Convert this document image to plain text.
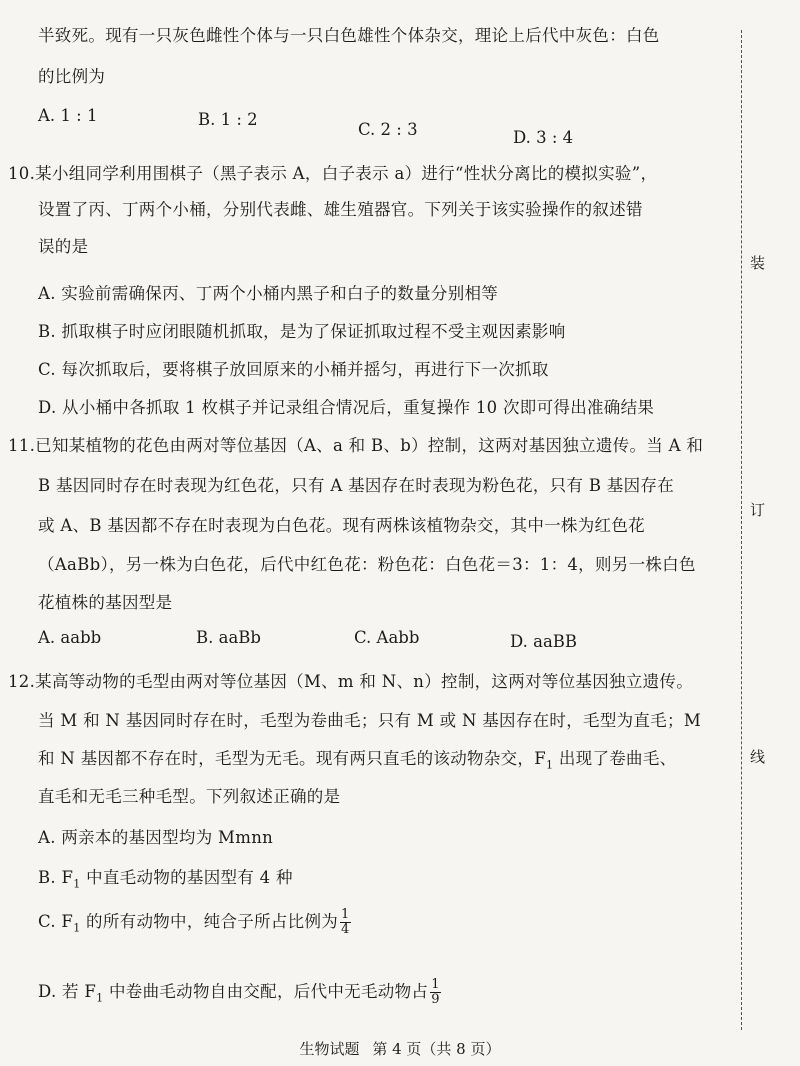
半致死。现有一只灰色雌性个体与一只白色雄性个体杂交，理论上后代中灰色：白色
的比例为
A. 1 : 1	B. 1 : 2
C. 2 : 3	D. 3 : 4
10.某小组同学利用围棋子（黑子表示 A，白子表示 a）进行“性状分离比的模拟实验”，
设置了丙、丁两个小桶，分别代表雌、雄生殖器官。下列关于该实验操作的叙述错
误的是
A. 实验前需确保丙、丁两个小桶内黑子和白子的数量分别相等
B. 抓取棋子时应闭眼随机抓取，是为了保证抓取过程不受主观因素影响
C. 每次抓取后，要将棋子放回原来的小桶并摇匀，再进行下一次抓取
D. 从小桶中各抓取 1 枚棋子并记录组合情况后，重复操作 10 次即可得出准确结果
11.已知某植物的花色由两对等位基因（A、a 和 B、b）控制，这两对基因独立遗传。当 A 和
B 基因同时存在时表现为红色花，只有 A 基因存在时表现为粉色花，只有 B 基因存在
或 A、B 基因都不存在时表现为白色花。现有两株该植物杂交，其中一株为红色花
（AaBb），另一株为白色花，后代中红色花：粉色花：白色花＝3：1：4，则另一株白色
花植株的基因型是
A. aabb	B. aaBb	C. Aabb	D. aaBB
12.某高等动物的毛型由两对等位基因（M、m 和 N、n）控制，这两对等位基因独立遗传。
当 M 和 N 基因同时存在时，毛型为卷曲毛；只有 M 或 N 基因存在时，毛型为直毛；M
和 N 基因都不存在时，毛型为无毛。现有两只直毛的该动物杂交，$F_1$ 出现了卷曲毛、
直毛和无毛三种毛型。下列叙述正确的是
A. 两亲本的基因型均为 Mmnn
B. $F_1$ 中直毛动物的基因型有 4 种
C. $F_1$ 的所有动物中，纯合子所占比例为 $\frac{1}{4}$
D. 若 $F_1$ 中卷曲毛动物自由交配，后代中无毛动物占 $\frac{1}{9}$
装
订
线
生物试题 第 4 页（共 8 页）
